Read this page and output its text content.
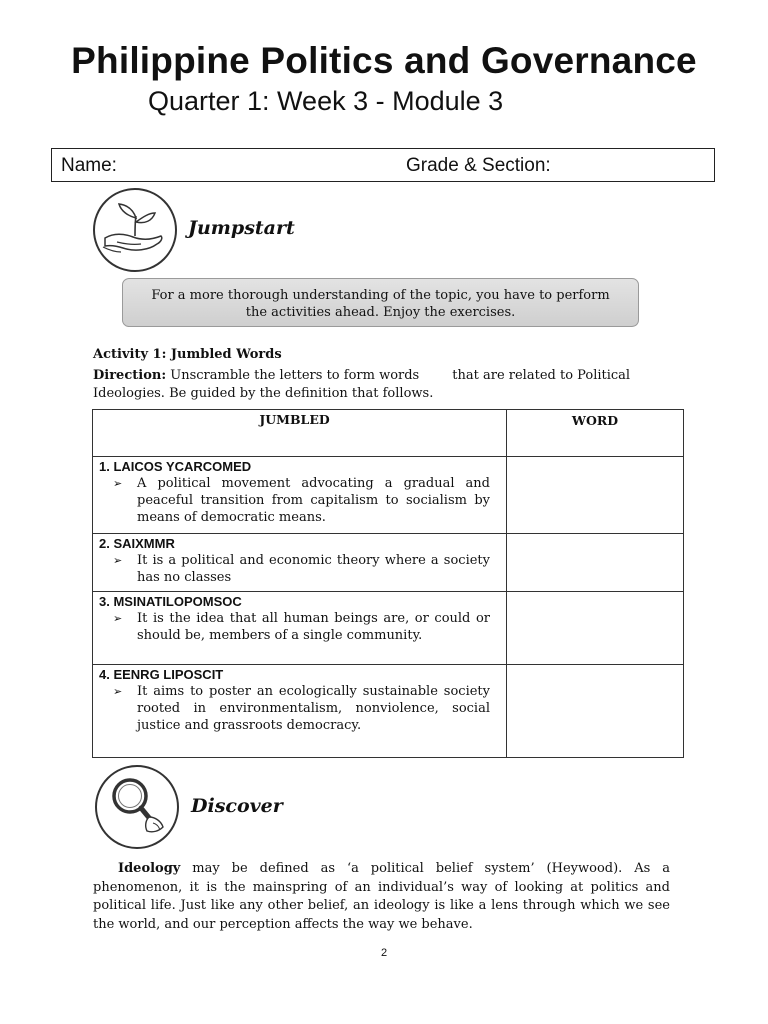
Philippine Politics and Governance
Quarter 1: Week 3 - Module 3
Name:	Grade & Section:
Jumpstart
For a more thorough understanding of the topic, you have to perform
the activities ahead. Enjoy the exercises.
Activity 1: Jumbled Words
Direction: Unscramble the letters to form words        that are related to Political Ideologies. Be guided by the definition that follows.
JUMBLED	WORD

1. LAICOS YCARCOMED
➢ A political movement advocating a gradual and peaceful transition from capitalism to socialism by means of democratic means.	

2. SAIXMMR
➢ It is a political and economic theory where a society has no classes	

3. MSINATILOPOMSOC
➢ It is the idea that all human beings are, or could or should be, members of a single community.	

4. EENRG LIPOSCIT
➢ It aims to poster an ecologically sustainable society rooted in environmentalism, nonviolence, social justice and grassroots democracy.	

Discover

Ideology may be defined as ‘a political belief system’ (Heywood). As a phenomenon, it is the mainspring of an individual’s way of looking at politics and political life. Just like any other belief, an ideology is like a lens through which we see the world, and our perception affects the way we behave.

2
